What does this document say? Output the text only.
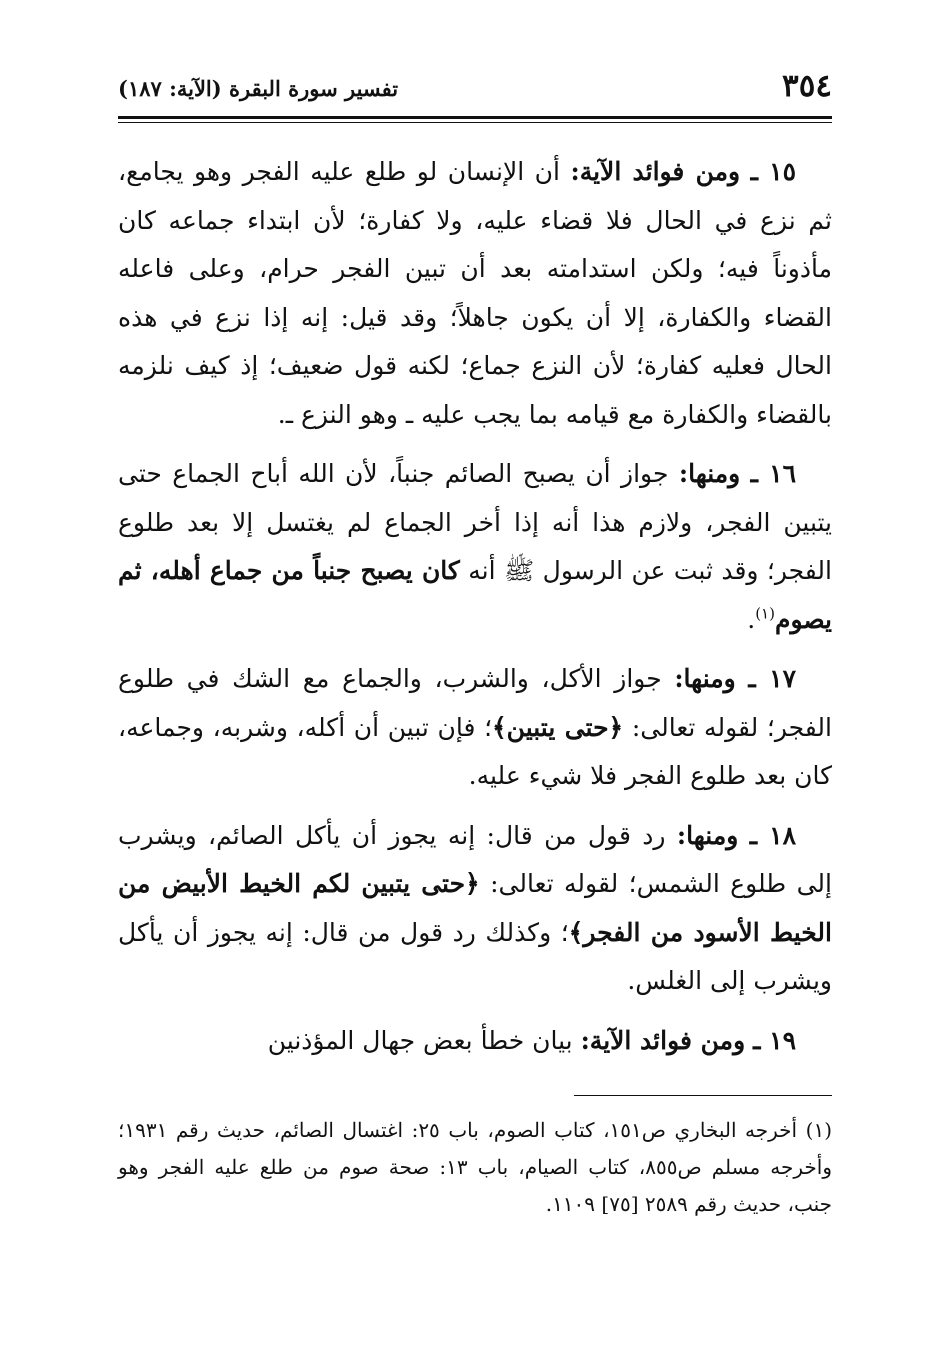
٣٥٤
تفسير سورة البقرة (الآية: ١٨٧)

١٥ ـ ومن فوائد الآية: أن الإنسان لو طلع عليه الفجر وهو يجامع، ثم نزع في الحال فلا قضاء عليه، ولا كفارة؛ لأن ابتداء جماعه كان مأذوناً فيه؛ ولكن استدامته بعد أن تبين الفجر حرام، وعلى فاعله القضاء والكفارة، إلا أن يكون جاهلاً؛ وقد قيل: إنه إذا نزع في هذه الحال فعليه كفارة؛ لأن النزع جماع؛ لكنه قول ضعيف؛ إذ كيف نلزمه بالقضاء والكفارة مع قيامه بما يجب عليه ـ وهو النزع ـ.

١٦ ـ ومنها: جواز أن يصبح الصائم جنباً، لأن الله أباح الجماع حتى يتبين الفجر، ولازم هذا أنه إذا أخر الجماع لم يغتسل إلا بعد طلوع الفجر؛ وقد ثبت عن الرسول ﷺ أنه كان يصبح جنباً من جماع أهله، ثم يصوم$^{(١)}$.

١٧ ـ ومنها: جواز الأكل، والشرب، والجماع مع الشك في طلوع الفجر؛ لقوله تعالى: ﴿حتى يتبين﴾؛ فإن تبين أن أكله، وشربه، وجماعه، كان بعد طلوع الفجر فلا شيء عليه.

١٨ ـ ومنها: رد قول من قال: إنه يجوز أن يأكل الصائم، ويشرب إلى طلوع الشمس؛ لقوله تعالى: ﴿حتى يتبين لكم الخيط الأبيض من الخيط الأسود من الفجر﴾؛ وكذلك رد قول من قال: إنه يجوز أن يأكل ويشرب إلى الغلس.

١٩ ـ ومن فوائد الآية: بيان خطأ بعض جهال المؤذنين

(١) أخرجه البخاري ص١٥١، كتاب الصوم، باب ٢٥: اغتسال الصائم، حديث رقم ١٩٣١؛ وأخرجه مسلم ص٨٥٥، كتاب الصيام، باب ١٣: صحة صوم من طلع عليه الفجر وهو جنب، حديث رقم ٢٥٨٩ [٧٥] ١١٠٩.
